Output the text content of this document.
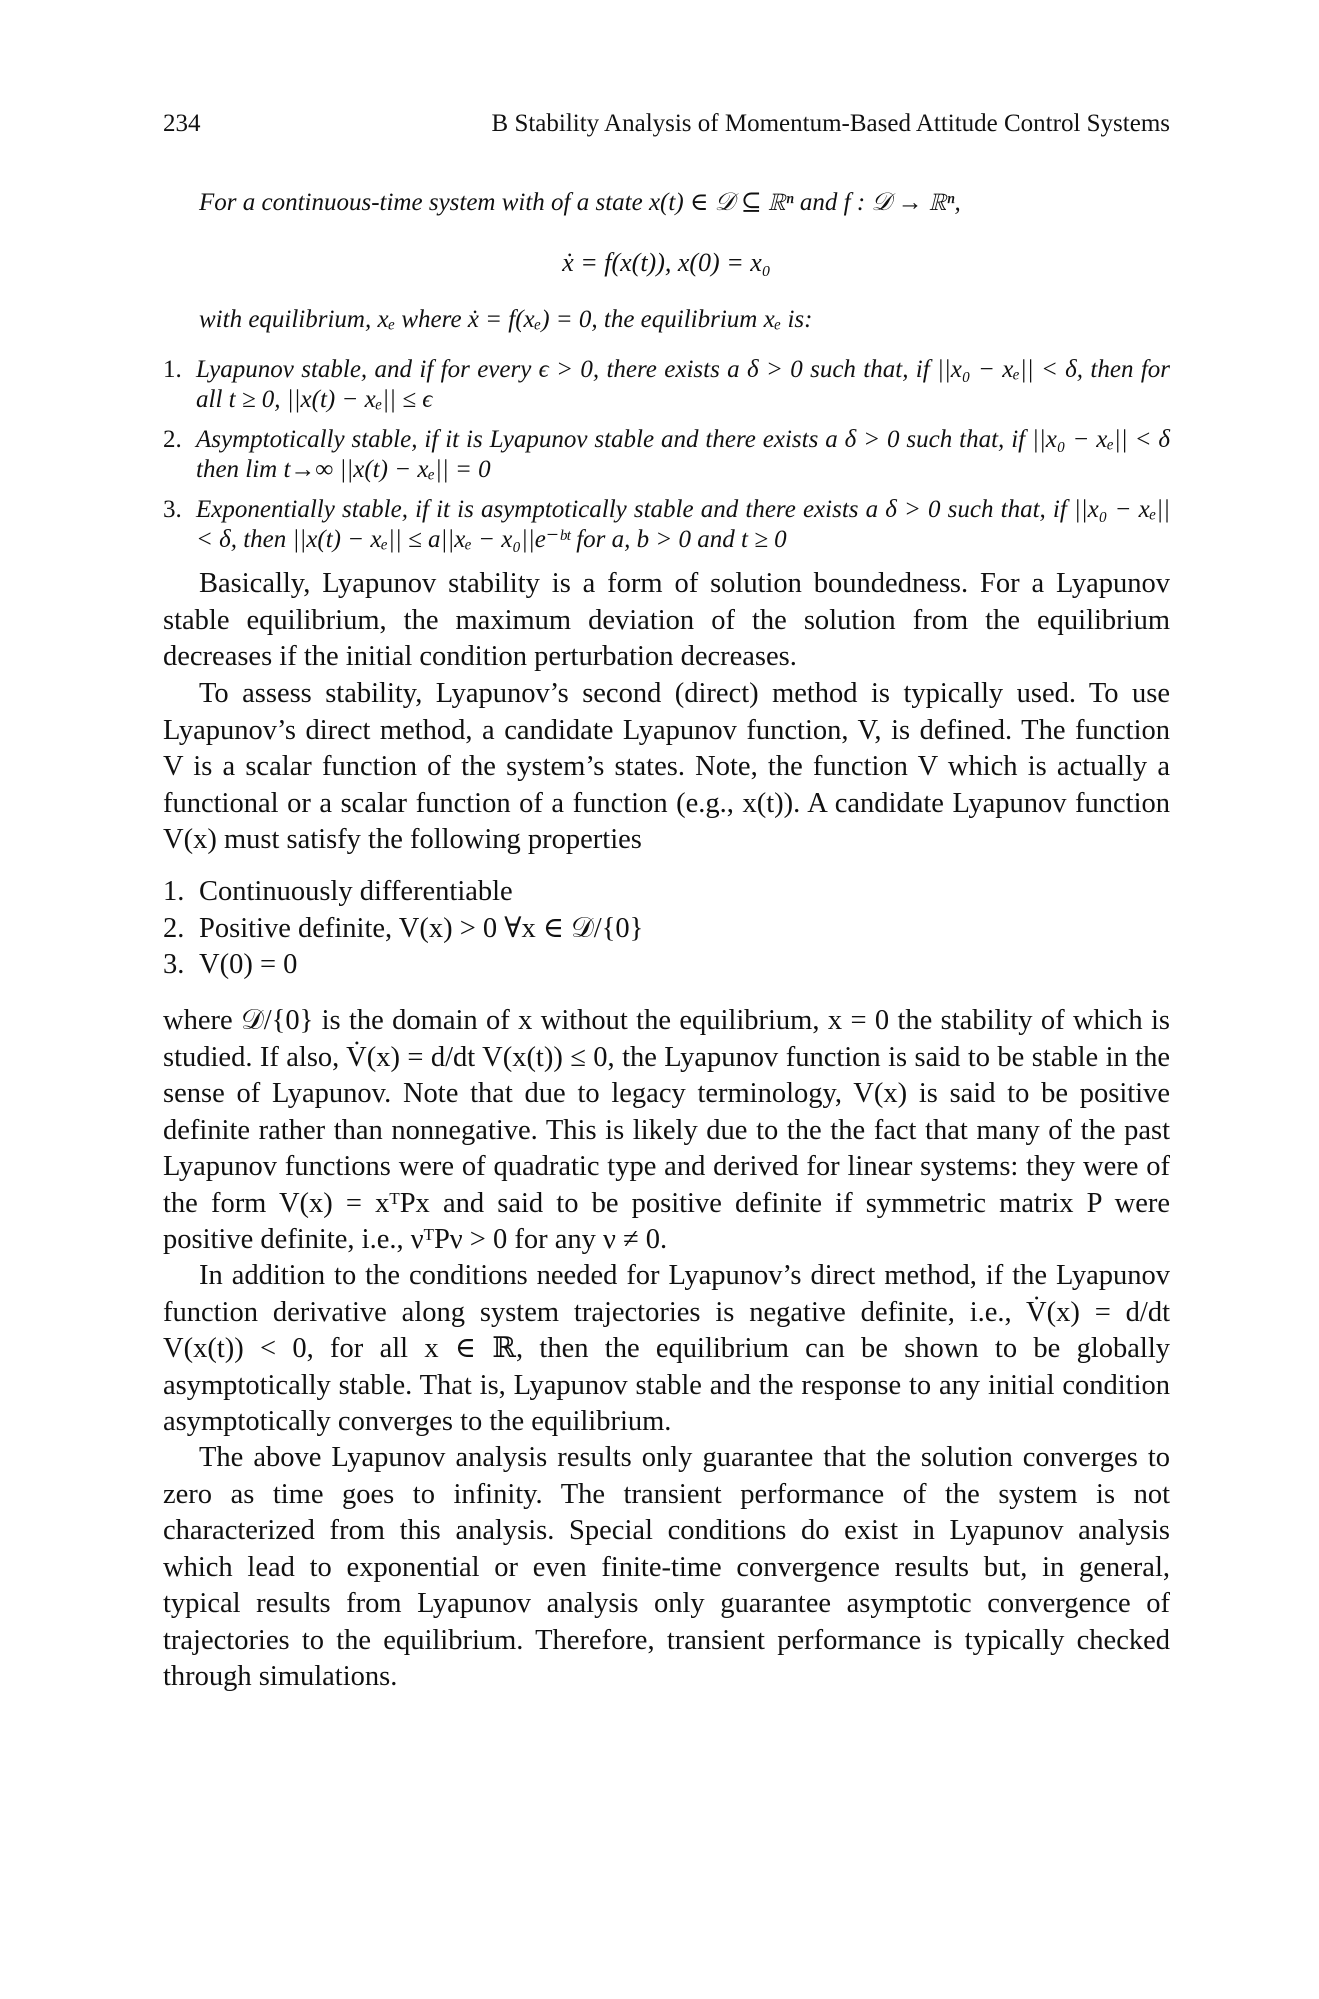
234	B Stability Analysis of Momentum-Based Attitude Control Systems
For a continuous-time system with of a state x(t) ∈ 𝒟 ⊆ ℝⁿ and f : 𝒟 → ℝⁿ,
ẋ = f(x(t)), x(0) = x₀
with equilibrium, xₑ where ẋ = f(xₑ) = 0, the equilibrium xₑ is:
1. Lyapunov stable, and if for every ϵ > 0, there exists a δ > 0 such that, if ||x₀ − xₑ|| < δ, then for all t ≥ 0, ||x(t) − xₑ|| ≤ ϵ
2. Asymptotically stable, if it is Lyapunov stable and there exists a δ > 0 such that, if ||x₀ − xₑ|| < δ then lim t→∞ ||x(t) − xₑ|| = 0
3. Exponentially stable, if it is asymptotically stable and there exists a δ > 0 such that, if ||x₀ − xₑ|| < δ, then ||x(t) − xₑ|| ≤ a||xₑ − x₀||e⁻ᵇᵗ for a, b > 0 and t ≥ 0

Basically, Lyapunov stability is a form of solution boundedness. For a Lyapunov stable equilibrium, the maximum deviation of the solution from the equilibrium decreases if the initial condition perturbation decreases.

To assess stability, Lyapunov’s second (direct) method is typically used. To use Lyapunov’s direct method, a candidate Lyapunov function, V, is defined. The function V is a scalar function of the system’s states. Note, the function V which is actually a functional or a scalar function of a function (e.g., x(t)). A candidate Lyapunov function V(x) must satisfy the following properties

1. Continuously differentiable
2. Positive definite, V(x) > 0 ∀x ∈ 𝒟/{0}
3. V(0) = 0

where 𝒟/{0} is the domain of x without the equilibrium, x = 0 the stability of which is studied. If also, V̇(x) = d/dt V(x(t)) ≤ 0, the Lyapunov function is said to be stable in the sense of Lyapunov. Note that due to legacy terminology, V(x) is said to be positive definite rather than nonnegative. This is likely due to the the fact that many of the past Lyapunov functions were of quadratic type and derived for linear systems: they were of the form V(x) = xᵀPx and said to be positive definite if symmetric matrix P were positive definite, i.e., νᵀPν > 0 for any ν ≠ 0.

In addition to the conditions needed for Lyapunov’s direct method, if the Lyapunov function derivative along system trajectories is negative definite, i.e., V̇(x) = d/dt V(x(t)) < 0, for all x ∈ ℝ, then the equilibrium can be shown to be globally asymptotically stable. That is, Lyapunov stable and the response to any initial condition asymptotically converges to the equilibrium.

The above Lyapunov analysis results only guarantee that the solution converges to zero as time goes to infinity. The transient performance of the system is not characterized from this analysis. Special conditions do exist in Lyapunov analysis which lead to exponential or even finite-time convergence results but, in general, typical results from Lyapunov analysis only guarantee asymptotic convergence of trajectories to the equilibrium. Therefore, transient performance is typically checked through simulations.
